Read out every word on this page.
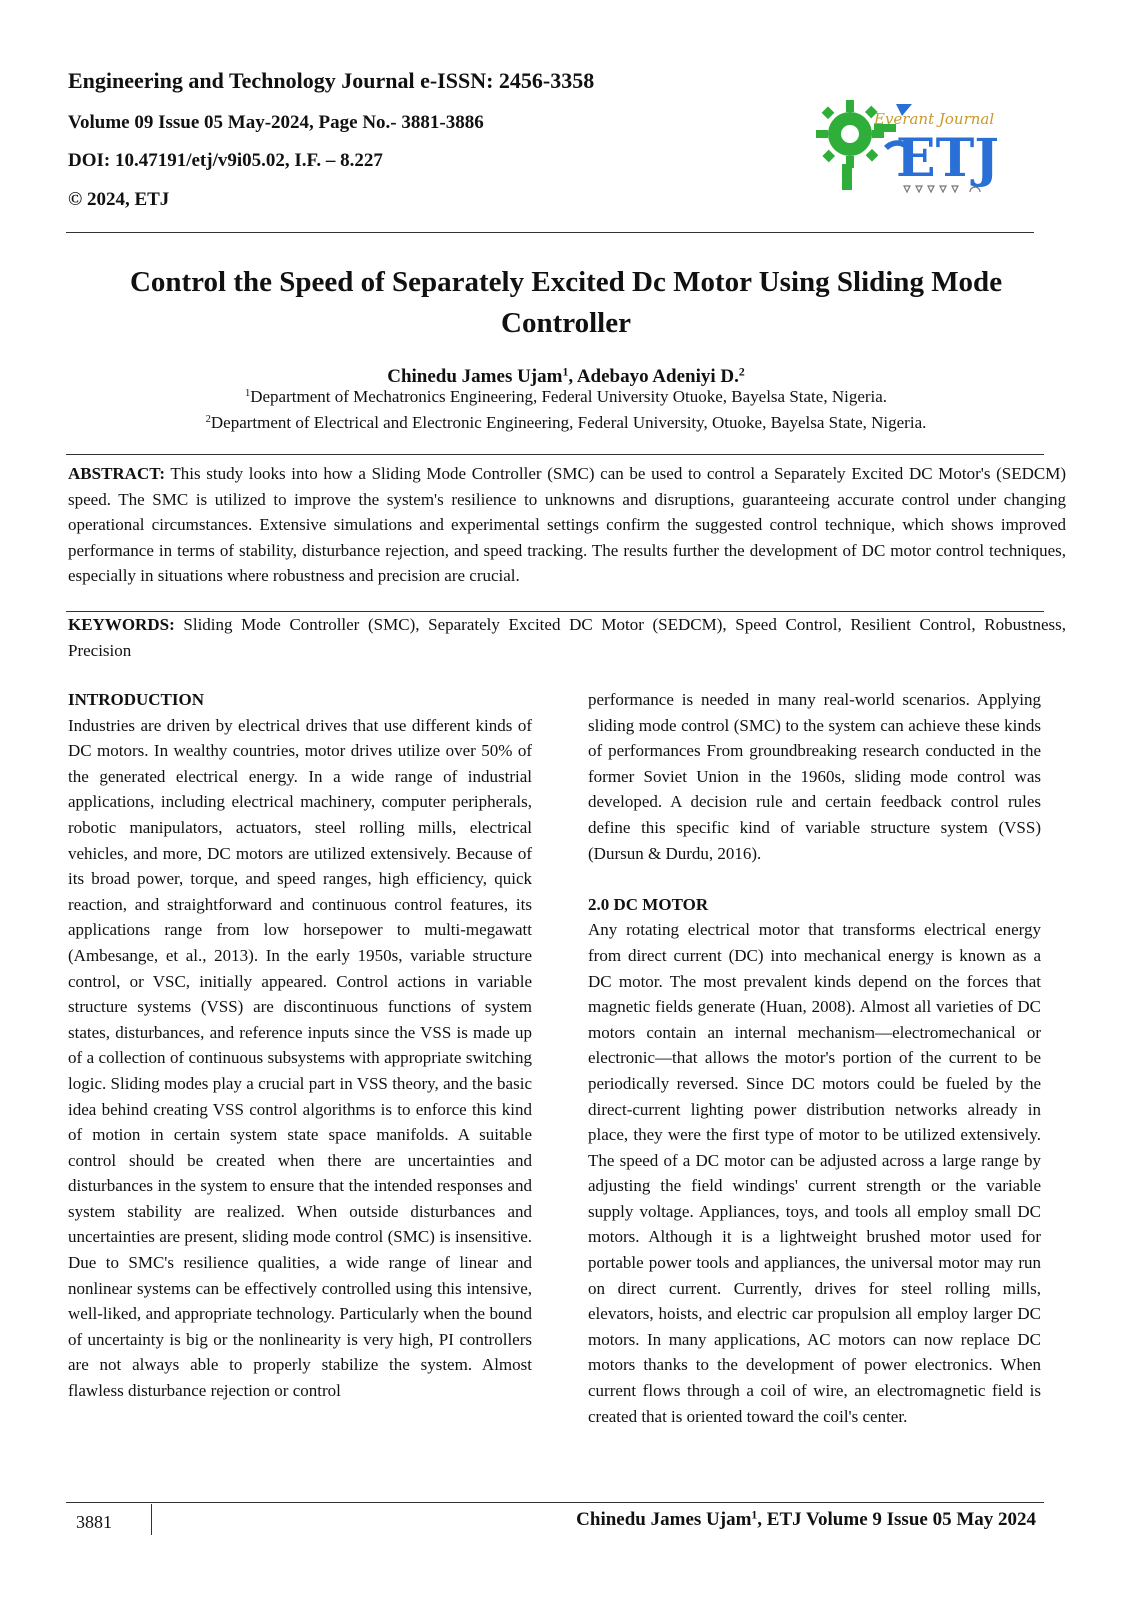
Engineering and Technology Journal e-ISSN: 2456-3358
Volume 09 Issue 05 May-2024, Page No.- 3881-3886
DOI: 10.47191/etj/v9i05.02, I.F. – 8.227
© 2024, ETJ
Everant Journal
ETJ
Control the Speed of Separately Excited Dc Motor Using Sliding Mode
Controller
Chinedu James Ujam$^1$, Adebayo Adeniyi D.$^2$
$^1$Department of Mechatronics Engineering, Federal University Otuoke, Bayelsa State, Nigeria.
$^2$Department of Electrical and Electronic Engineering, Federal University, Otuoke, Bayelsa State, Nigeria.
ABSTRACT: This study looks into how a Sliding Mode Controller (SMC) can be used to control a Separately Excited DC Motor's (SEDCM) speed. The SMC is utilized to improve the system's resilience to unknowns and disruptions, guaranteeing accurate control under changing operational circumstances. Extensive simulations and experimental settings confirm the suggested control technique, which shows improved performance in terms of stability, disturbance rejection, and speed tracking. The results further the development of DC motor control techniques, especially in situations where robustness and precision are crucial.
KEYWORDS: Sliding Mode Controller (SMC), Separately Excited DC Motor (SEDCM), Speed Control, Resilient Control, Robustness, Precision

INTRODUCTION

Industries are driven by electrical drives that use different kinds of DC motors. In wealthy countries, motor drives utilize over 50% of the generated electrical energy. In a wide range of industrial applications, including electrical machinery, computer peripherals, robotic manipulators, actuators, steel rolling mills, electrical vehicles, and more, DC motors are utilized extensively. Because of its broad power, torque, and speed ranges, high efficiency, quick reaction, and straightforward and continuous control features, its applications range from low horsepower to multi-megawatt (Ambesange, et al., 2013). In the early 1950s, variable structure control, or VSC, initially appeared. Control actions in variable structure systems (VSS) are discontinuous functions of system states, disturbances, and reference inputs since the VSS is made up of a collection of continuous subsystems with appropriate switching logic. Sliding modes play a crucial part in VSS theory, and the basic idea behind creating VSS control algorithms is to enforce this kind of motion in certain system state space manifolds. A suitable control should be created when there are uncertainties and disturbances in the system to ensure that the intended responses and system stability are realized. When outside disturbances and uncertainties are present, sliding mode control (SMC) is insensitive. Due to SMC's resilience qualities, a wide range of linear and nonlinear systems can be effectively controlled using this intensive, well-liked, and appropriate technology. Particularly when the bound of uncertainty is big or the nonlinearity is very high, PI controllers are not always able to properly stabilize the system. Almost flawless disturbance rejection or control

performance is needed in many real-world scenarios. Applying sliding mode control (SMC) to the system can achieve these kinds of performances From groundbreaking research conducted in the former Soviet Union in the 1960s, sliding mode control was developed. A decision rule and certain feedback control rules define this specific kind of variable structure system (VSS) (Dursun & Durdu, 2016).

2.0 DC MOTOR

Any rotating electrical motor that transforms electrical energy from direct current (DC) into mechanical energy is known as a DC motor. The most prevalent kinds depend on the forces that magnetic fields generate (Huan, 2008). Almost all varieties of DC motors contain an internal mechanism—electromechanical or electronic—that allows the motor's portion of the current to be periodically reversed. Since DC motors could be fueled by the direct-current lighting power distribution networks already in place, they were the first type of motor to be utilized extensively. The speed of a DC motor can be adjusted across a large range by adjusting the field windings' current strength or the variable supply voltage. Appliances, toys, and tools all employ small DC motors. Although it is a lightweight brushed motor used for portable power tools and appliances, the universal motor may run on direct current. Currently, drives for steel rolling mills, elevators, hoists, and electric car propulsion all employ larger DC motors. In many applications, AC motors can now replace DC motors thanks to the development of power electronics. When current flows through a coil of wire, an electromagnetic field is created that is oriented toward the coil's center.

3881	Chinedu James Ujam$^1$, ETJ Volume 9 Issue 05 May 2024
